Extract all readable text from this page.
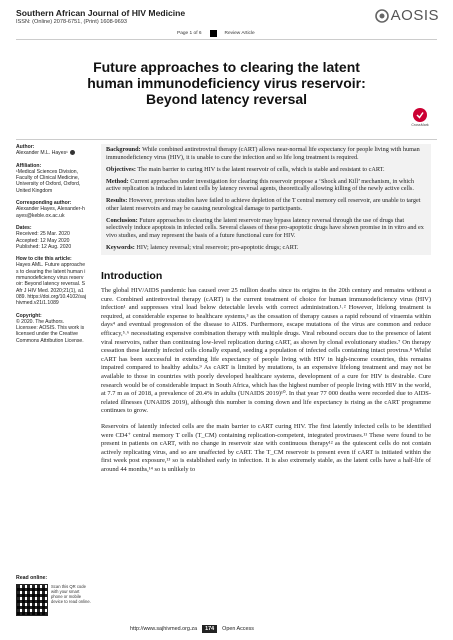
Southern African Journal of HIV Medicine
ISSN: (Online) 2078-6751, (Print) 1608-9693	AOSIS
Page 1 of 6	Review Article
Future approaches to clearing the latent
human immunodeficiency virus reservoir:
Beyond latency reversal
CrossMark
Author:
Alexander M.L. Hayes¹
Affiliation:
¹Medical Sciences Division, Faculty of Clinical Medicine, University of Oxford, Oxford, United Kingdom
Corresponding author:
Alexander Hayes, Alexander-hayes@keble.ox.ac.uk
Dates:
Received: 25 Mar. 2020
Accepted: 12 May 2020
Published: 12 Aug. 2020
How to cite this article:
Hayes AML. Future approaches to clearing the latent human immunodeficiency virus reservoir: Beyond latency reversal. S Afr J HIV Med. 2020;21(1), a1089. https://doi.org/10.4102/sajhivmed.v21i1.1089
Copyright:
© 2020. The Authors. Licensee: AOSIS. This work is licensed under the Creative Commons Attribution License.

Background: While combined antiretroviral therapy (cART) allows near-normal life expectancy for people living with human immunodeficiency virus (HIV), it is unable to cure the infection and so life long treatment is required.

Objectives: The main barrier to curing HIV is the latent reservoir of cells, which is stable and resistant to cART.

Method: Current approaches under investigation for clearing this reservoir propose a ‘Shock and Kill’ mechanism, in which active replication is induced in latent cells by latency reversal agents, theoretically allowing killing of the newly active cells.

Results: However, previous studies have failed to achieve depletion of the T central memory cell reservoir, are unable to target other latent reservoirs and may be causing neurological damage to participants.

Conclusion: Future approaches to clearing the latent reservoir may bypass latency reversal through the use of drugs that selectively induce apoptosis in infected cells. Several classes of these pro-apoptotic drugs have shown promise in in vitro and ex vivo studies, and may represent the basis of a future functional cure for HIV.

Keywords: HIV; latency reversal; viral reservoir; pro-apoptotic drugs; cART.

Introduction

The global HIV/AIDS pandemic has caused over 25 million deaths since its origins in the 20th century and remains without a cure. Combined antiretroviral therapy (cART) is the current treatment of choice for human immunodeficiency virus (HIV) infection¹ and suppresses viral load below detectable levels with correct administration.¹˒² However, lifelong treatment is required, at considerable expense to healthcare systems,³ as the cessation of therapy causes a rapid rebound of viraemia within days⁴ and eventual progression of the disease to AIDS. Furthermore, escape mutations of the virus are common and reduce efficacy,⁵˒⁶ necessitating expensive combination therapy with multiple drugs. Viral rebound occurs due to the presence of latent viral reservoirs, rather than continuing low-level replication during cART, as shown by clonal evolutionary studies.⁷ On therapy cessation these latently infected cells clonally expand, seeding a population of infected cells containing intact provirus.⁸ Whilst cART has been successful in extending life expectancy of people living with HIV in high-income countries, this remains impaired compared to healthy adults.⁹ As cART is limited by mutations, is an expensive lifelong treatment and may not be available to those in countries with poorly developed healthcare systems, development of a cure for HIV is desirable. Cure research would be of considerable impact in South Africa, which has the highest number of people living with HIV in the world, at 7.7 m as of 2018, a prevalence of 20.4% in adults (UNAIDS 2019)¹⁰. In that year 77 000 deaths were recorded due to AIDS-related illnesses (UNAIDS 2019), although this number is coming down and life expectancy is rising as the cART programme continues to grow.

Reservoirs of latently infected cells are the main barrier to cART curing HIV. The first latently infected cells to be identified were CD4⁺ central memory T cells (T_CM) containing replication-competent, integrated proviruses.¹¹ These were found to be present in patients on cART, with no change in reservoir size with continuous therapy¹² as the quiescent cells do not contain actively replicating virus, and so are unaffected by cART. The T_CM reservoir is present even if cART is initiated within the first week post exposure,¹³ so is established early in infection. It is also extremely stable, as the latent cells have a half-life of around 44 months,¹⁴ so is unlikely to

Read online:
Scan this QR code with your smart phone or mobile device to read online.
http://www.sajhivmed.org.za	174	Open Access
